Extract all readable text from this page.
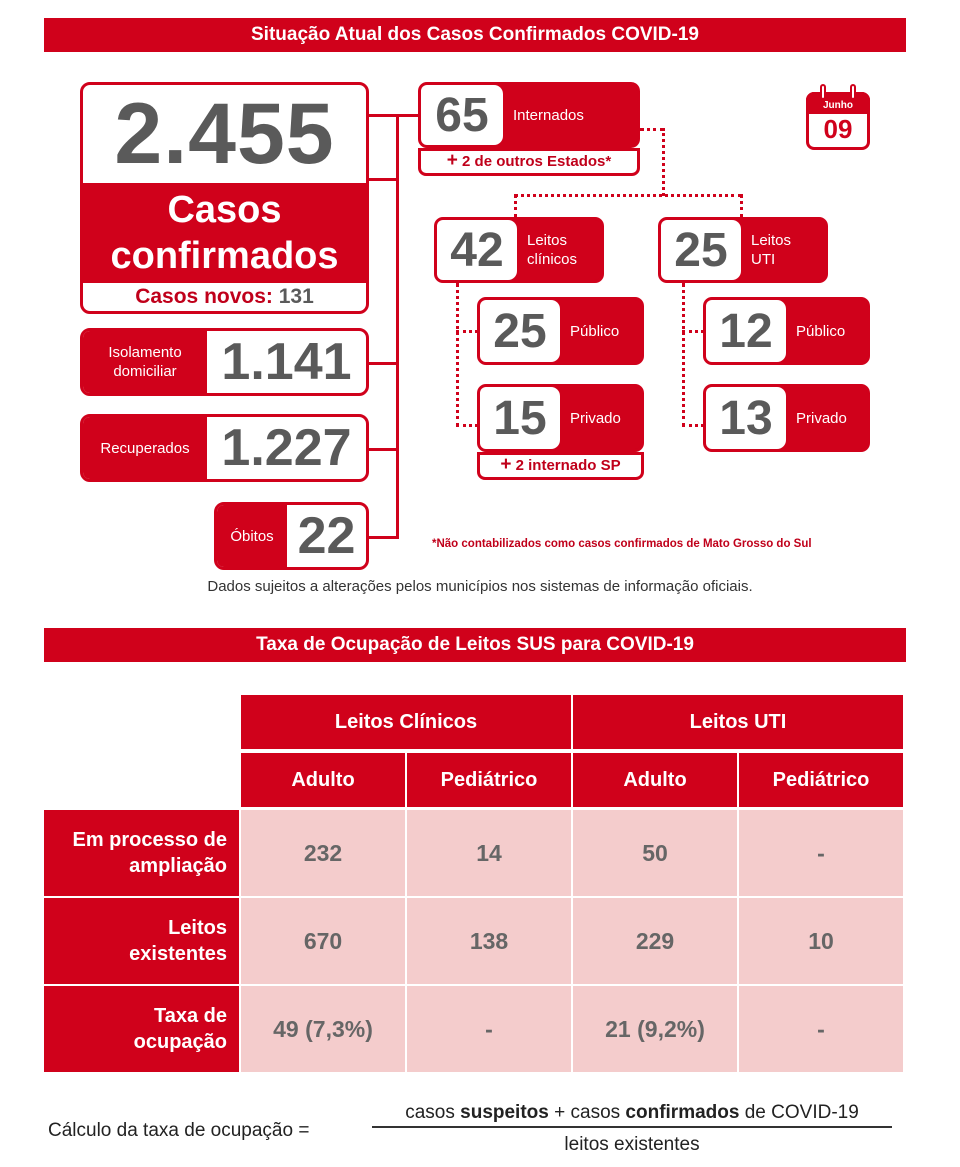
Situação Atual dos Casos Confirmados COVID-19
2.455
Casos
confirmados
Casos novos: 131
Isolamento
domiciliar 1.141
Recuperados 1.227
Óbitos 22
65	Internados
+ 2 de outros Estados*
42	Leitos
clínicos 25	Leitos
UTI
25	Público
15	Privado
+ 2 internado SP
12	Público
13	Privado
Junho
09
*Não contabilizados como casos confirmados de Mato Grosso do Sul
Dados sujeitos a alterações pelos municípios nos sistemas de informação oficiais.
Taxa de Ocupação de Leitos SUS para COVID-19
Leitos Clínicos	Leitos UTI
Adulto	Pediátrico	Adulto	Pediátrico
Em processo de
ampliação
232	14	50	-
Leitos
existentes
670	138	229	10
Taxa de
ocupação
49 (7,3%)	-	21 (9,2%)	-
Cálculo da taxa de ocupação =
casos suspeitos + casos confirmados de COVID-19
leitos existentes
